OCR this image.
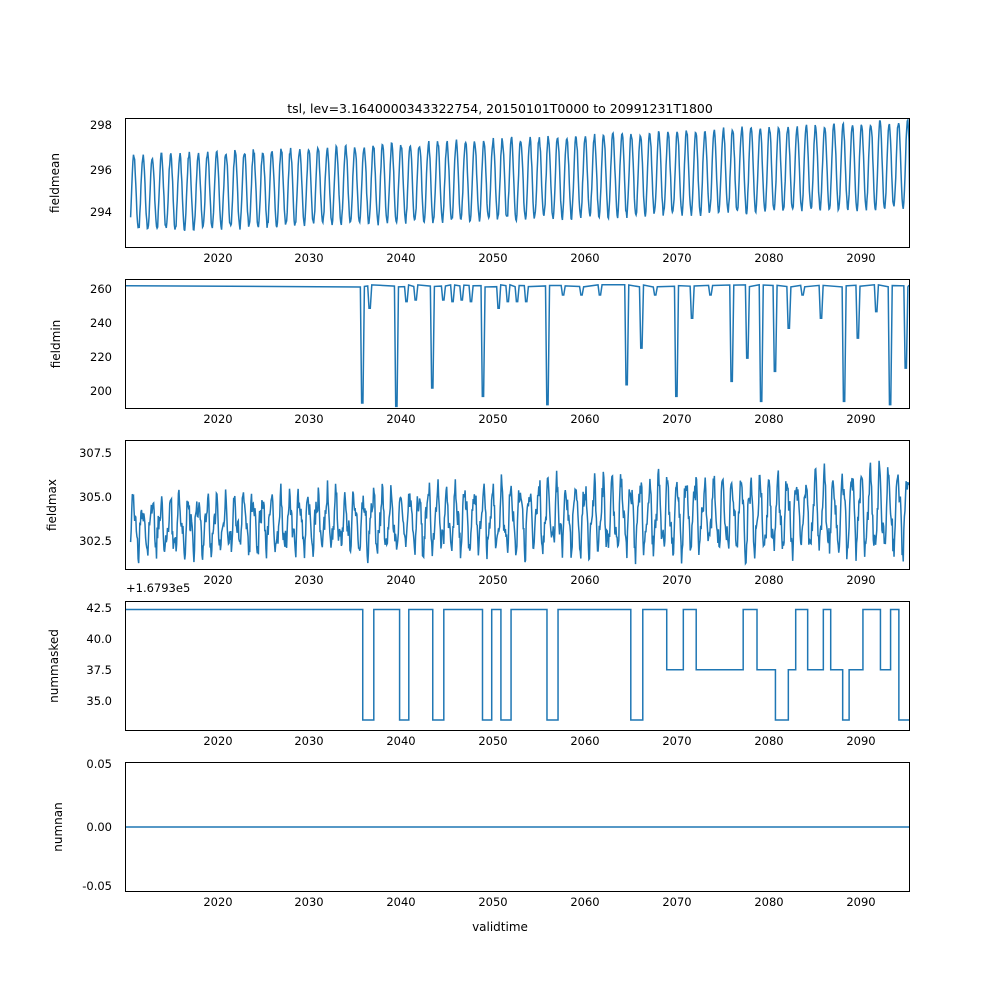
tsl, lev=3.1640000343322754, 20150101T0000 to 20991231T1800
fieldmean
298
296
294
2020	2030	2040	2050	2060	2070	2080	2090
fieldmin
260
240
220
200
2020	2030	2040	2050	2060	2070	2080	2090
fieldmax
307.5
305.0
302.5
2020	2030	2040	2050	2060	2070	2080	2090
+1.6793e5
nummasked
42.5
40.0
37.5
35.0
2020	2030	2040	2050	2060	2070	2080	2090
numnan
0.05
0.00
-0.05
2020	2030	2040	2050	2060	2070	2080	2090
validtime
